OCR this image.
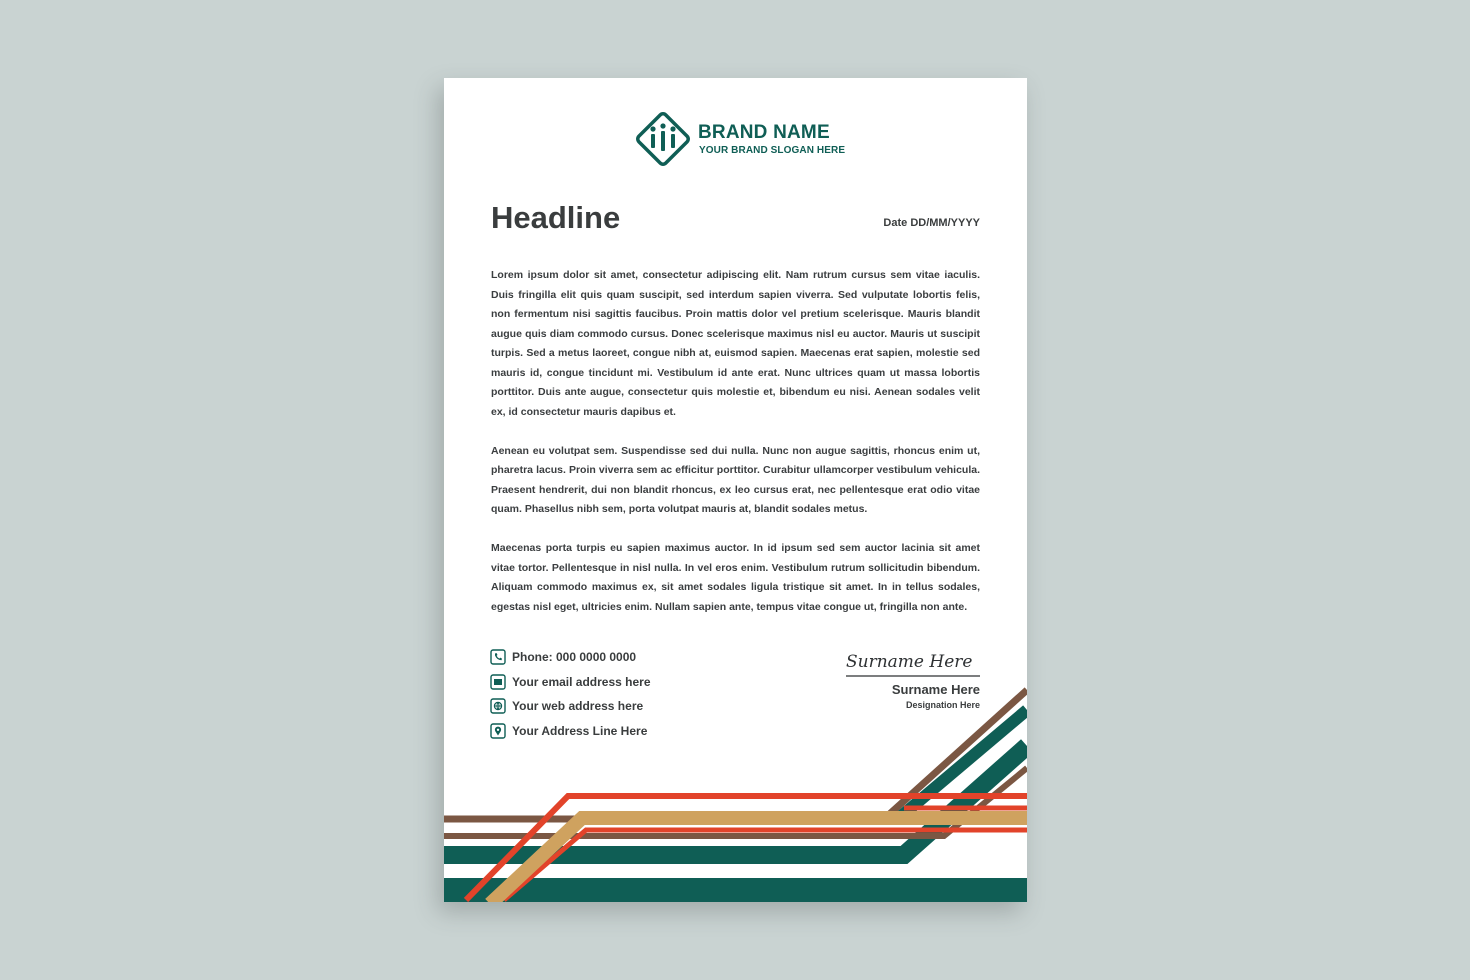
BRAND NAME
YOUR BRAND SLOGAN HERE
Headline	Date DD/MM/YYYY

Lorem ipsum dolor sit amet, consectetur adipiscing elit. Nam rutrum cursus sem vitae iaculis. Duis fringilla elit quis quam suscipit, sed interdum sapien viverra. Sed vulputate lobortis felis, non fermentum nisi sagittis faucibus. Proin mattis dolor vel pretium scelerisque. Mauris blandit augue quis diam commodo cursus. Donec scelerisque maximus nisl eu auctor. Mauris ut suscipit turpis. Sed a metus laoreet, congue nibh at, euismod sapien. Maecenas erat sapien, molestie sed mauris id, congue tincidunt mi. Vestibulum id ante erat. Nunc ultrices quam ut massa lobortis porttitor. Duis ante augue, consectetur quis molestie et, bibendum eu nisi. Aenean sodales velit ex, id consectetur mauris dapibus et.

Aenean eu volutpat sem. Suspendisse sed dui nulla. Nunc non augue sagittis, rhoncus enim ut, pharetra lacus. Proin viverra sem ac efficitur porttitor. Curabitur ullamcorper vestibulum vehicula. Praesent hendrerit, dui non blandit rhoncus, ex leo cursus erat, nec pellentesque erat odio vitae quam. Phasellus nibh sem, porta volutpat mauris at, blandit sodales metus.

Maecenas porta turpis eu sapien maximus auctor. In id ipsum sed sem auctor lacinia sit amet vitae tortor. Pellentesque in nisl nulla. In vel eros enim. Vestibulum rutrum sollicitudin bibendum. Aliquam commodo maximus ex, sit amet sodales ligula tristique sit amet. In in tellus sodales, egestas nisl eget, ultricies enim. Nullam sapien ante, tempus vitae congue ut, fringilla non ante.

Phone: 000 0000 0000
Your email address here
Your web address here
Your Address Line Here
Surname Here
Surname Here
Designation Here
